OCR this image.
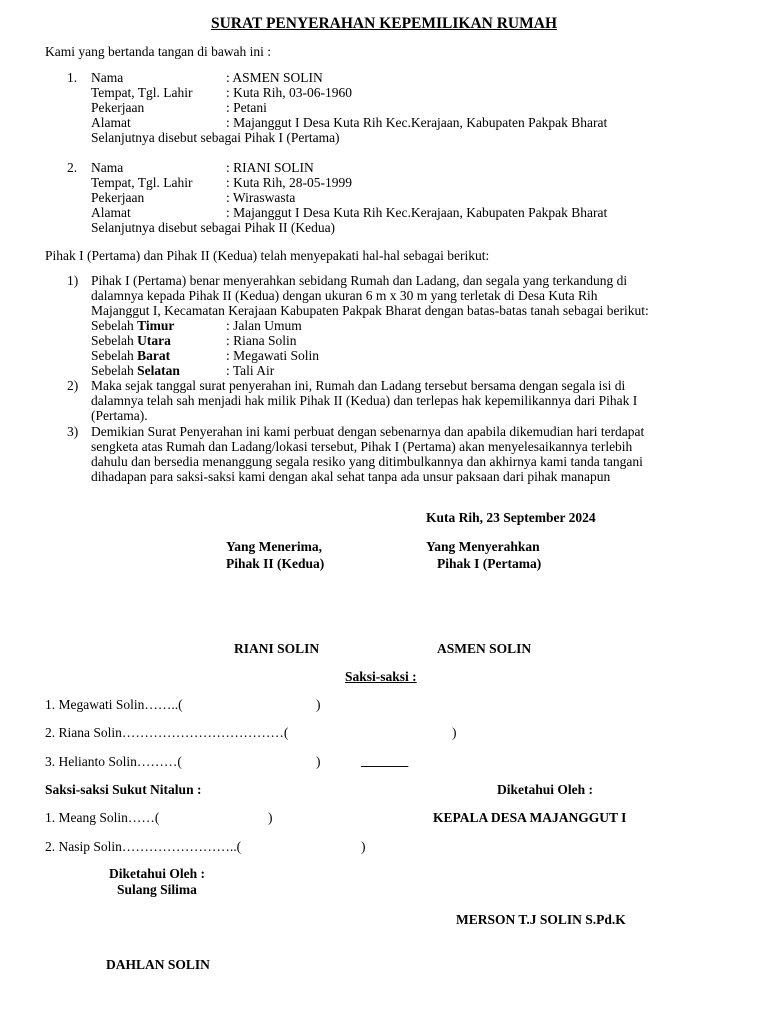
SURAT PENYERAHAN KEPEMILIKAN RUMAH
Kami yang bertanda tangan di bawah ini :
1. Nama	: ASMEN SOLIN
Tempat, Tgl. Lahir : Kuta Rih, 03-06-1960
Pekerjaan	: Petani
Alamat	: Majanggut I Desa Kuta Rih Kec.Kerajaan, Kabupaten Pakpak Bharat
Selanjutnya disebut sebagai Pihak I (Pertama)
2. Nama	: RIANI SOLIN
Tempat, Tgl. Lahir : Kuta Rih, 28-05-1999
Pekerjaan	: Wiraswasta
Alamat	: Majanggut I Desa Kuta Rih Kec.Kerajaan, Kabupaten Pakpak Bharat
Selanjutnya disebut sebagai Pihak II (Kedua)
Pihak I (Pertama) dan Pihak II (Kedua) telah menyepakati hal-hal sebagai berikut:
1) Pihak I (Pertama) benar menyerahkan sebidang Rumah dan Ladang, dan segala yang terkandung di
dalamnya kepada Pihak II (Kedua) dengan ukuran 6 m x 30 m yang terletak di Desa Kuta Rih
Majanggut I, Kecamatan Kerajaan Kabupaten Pakpak Bharat dengan batas-batas tanah sebagai berikut:
Sebelah Timur	: Jalan Umum
Sebelah Utara	: Riana Solin
Sebelah Barat	: Megawati Solin
Sebelah Selatan	: Tali Air
2) Maka sejak tanggal surat penyerahan ini, Rumah dan Ladang tersebut bersama dengan segala isi di
dalamnya telah sah menjadi hak milik Pihak II (Kedua) dan terlepas hak kepemilikannya dari Pihak I
(Pertama).
3) Demikian Surat Penyerahan ini kami perbuat dengan sebenarnya dan apabila dikemudian hari terdapat
sengketa atas Rumah dan Ladang/lokasi tersebut, Pihak I (Pertama) akan menyelesaikannya terlebih
dahulu dan bersedia menanggung segala resiko yang ditimbulkannya dan akhirnya kami tanda tangani
dihadapan para saksi-saksi kami dengan akal sehat tanpa ada unsur paksaan dari pihak manapun
Kuta Rih, 23 September 2024
Yang Menerima,
Pihak II (Kedua)
Yang Menyerahkan
Pihak I (Pertama)
RIANI SOLIN	ASMEN SOLIN
Saksi-saksi :
1. Megawati Solin……..(	)
2. Riana Solin………………………………(	)
3. Helianto Solin………(	)	_______
Saksi-saksi Sukut Nitalun :	Diketahui Oleh :
1. Meang Solin……(	)	KEPALA DESA MAJANGGUT I
2. Nasip Solin……………………..(	)
Diketahui Oleh :
Sulang Silima
MERSON T.J SOLIN S.Pd.K
DAHLAN SOLIN
